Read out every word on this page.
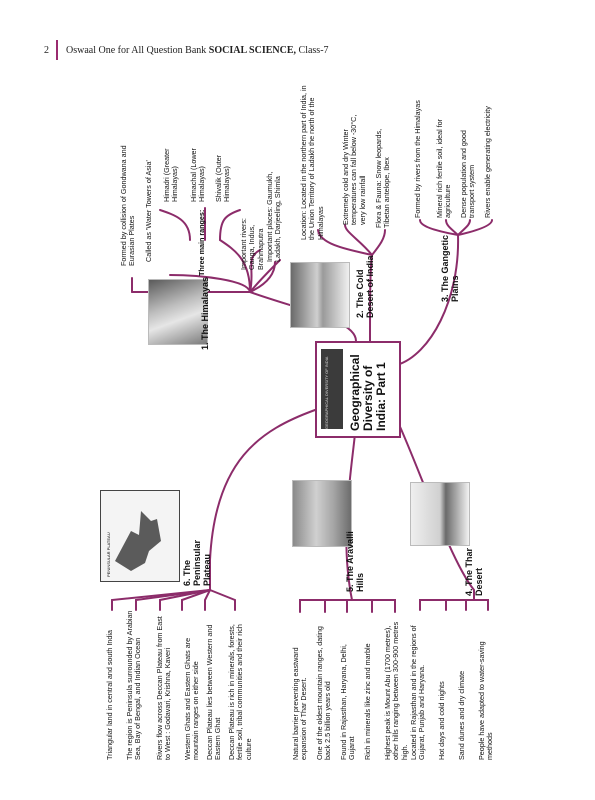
2 Oswaal One for All Question Bank SOCIAL SCIENCE, Class-7
GEOGRAPHICAL DIVERSITY OF INDIA Geographical Diversity of India: Part 1
PENINSULAR PLATEAU
1. The Himalayas
Formed by collision of Gondwana and Eurasian Plates Called as 'Water Towers of Asia'	Three main ranges:	Important rivers: Ganga, Indus, Brahmaputra Important places: Gaumukh, Ladakh, Darjeeling, Shimla
Himadri (Greater Himalayas) Himachal (Lower Himalayas) Shivalik (Outer Himalayas)
2. The Cold Desert of India
Location: Located in the northern part of India, in the Union Territory of Ladakh the north of the Himalayas Extremely cold and dry Winter temperatures can fall below -30°C, very low rainfall Flora & Fauna: Snow leopards, Tibetan antelope, Ibex
3. The Gangetic Plains
Formed by rivers from the Himalayas Mineral rich fertile soil, ideal for agriculture Dense population and good transport system Rivers enable generating electricity
4. The Thar Desert
Located in Rajasthan and in the regions of Gujarat, Punjab and Haryana. Hot days and cold nights Sand dunes and dry climate People have adapted to water-saving methods
5. The Aravalli Hills
Natural barrier preventing eastward expansion of Thar Desert. One of the oldest mountain ranges, dating back 2.5 billion years old Found in Rajasthan, Haryana, Delhi, Gujarat Rich in minerals like zinc and marble Highest peak is Mount Abu (1700 metres), other hills ranging between 300-900 metres high.
6. The Peninsular Plateau
Triangular land in central and south India The region is Peninsula surrounded by Arabian Sea, Bay of Bengal, and Indian Ocean Rivers flow across Deccan Plateau from East to West : Godavari, Krishna, Kaveri Western Ghats and Eastern Ghats are mountain ranges on either side Deccan Plateau lies between Western and Eastern Ghat Deccan Plateau is rich in minerals, forests, fertile soil, tribal communities and their rich culture
